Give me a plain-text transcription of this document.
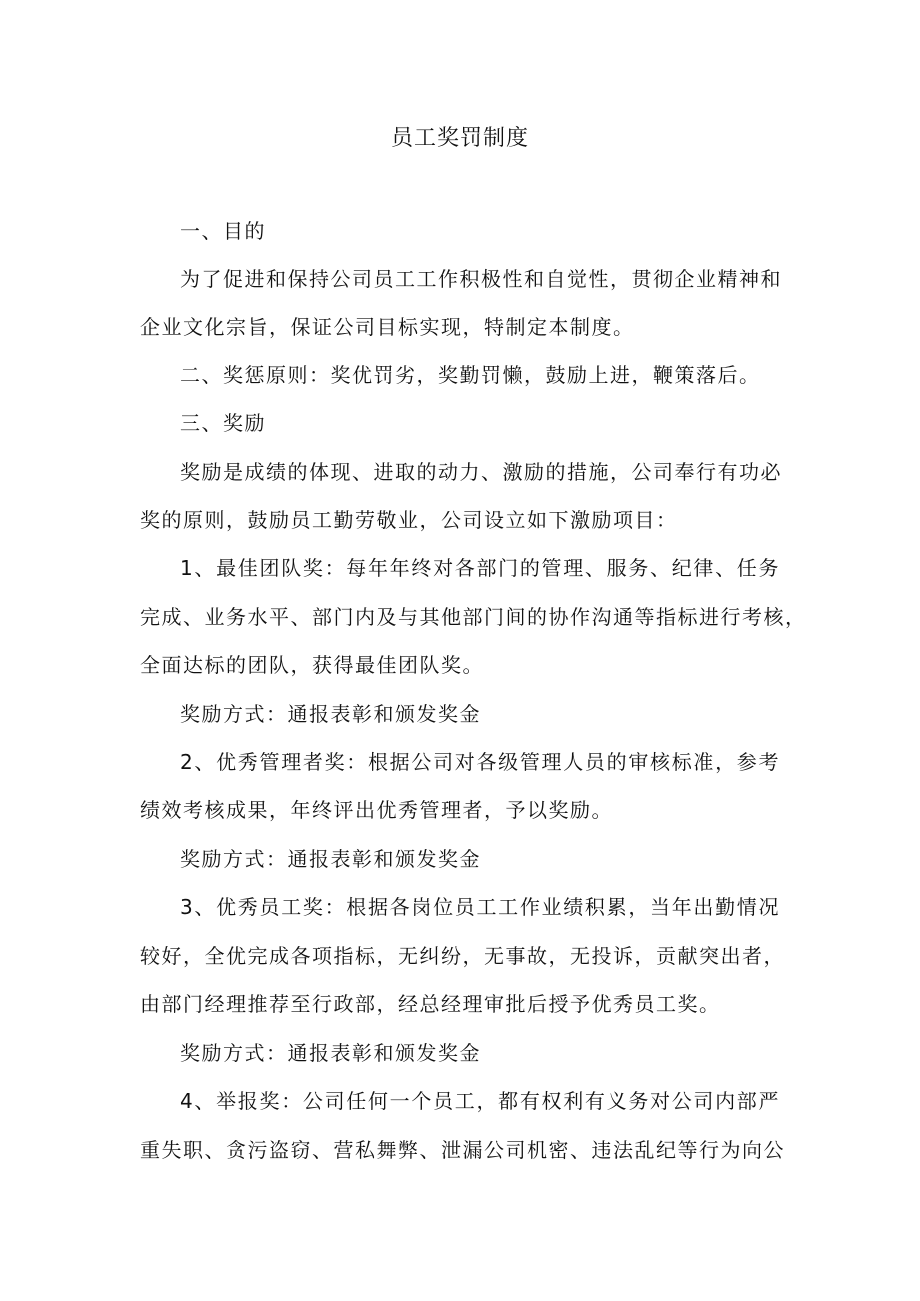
员工奖罚制度
一、目的
为了促进和保持公司员工工作积极性和自觉性，贯彻企业精神和
企业文化宗旨，保证公司目标实现，特制定本制度。
二、奖惩原则：奖优罚劣，奖勤罚懒，鼓励上进，鞭策落后。
三、奖励
奖励是成绩的体现、进取的动力、激励的措施，公司奉行有功必
奖的原则，鼓励员工勤劳敬业，公司设立如下激励项目：
1、最佳团队奖：每年年终对各部门的管理、服务、纪律、任务
完成、业务水平、部门内及与其他部门间的协作沟通等指标进行考核，
全面达标的团队，获得最佳团队奖。
奖励方式：通报表彰和颁发奖金
2、优秀管理者奖：根据公司对各级管理人员的审核标准，参考
绩效考核成果，年终评出优秀管理者，予以奖励。
奖励方式：通报表彰和颁发奖金
3、优秀员工奖：根据各岗位员工工作业绩积累，当年出勤情况
较好，全优完成各项指标，无纠纷，无事故，无投诉，贡献突出者，
由部门经理推荐至行政部，经总经理审批后授予优秀员工奖。
奖励方式：通报表彰和颁发奖金
4、举报奖：公司任何一个员工，都有权利有义务对公司内部严
重失职、贪污盗窃、营私舞弊、泄漏公司机密、违法乱纪等行为向公
